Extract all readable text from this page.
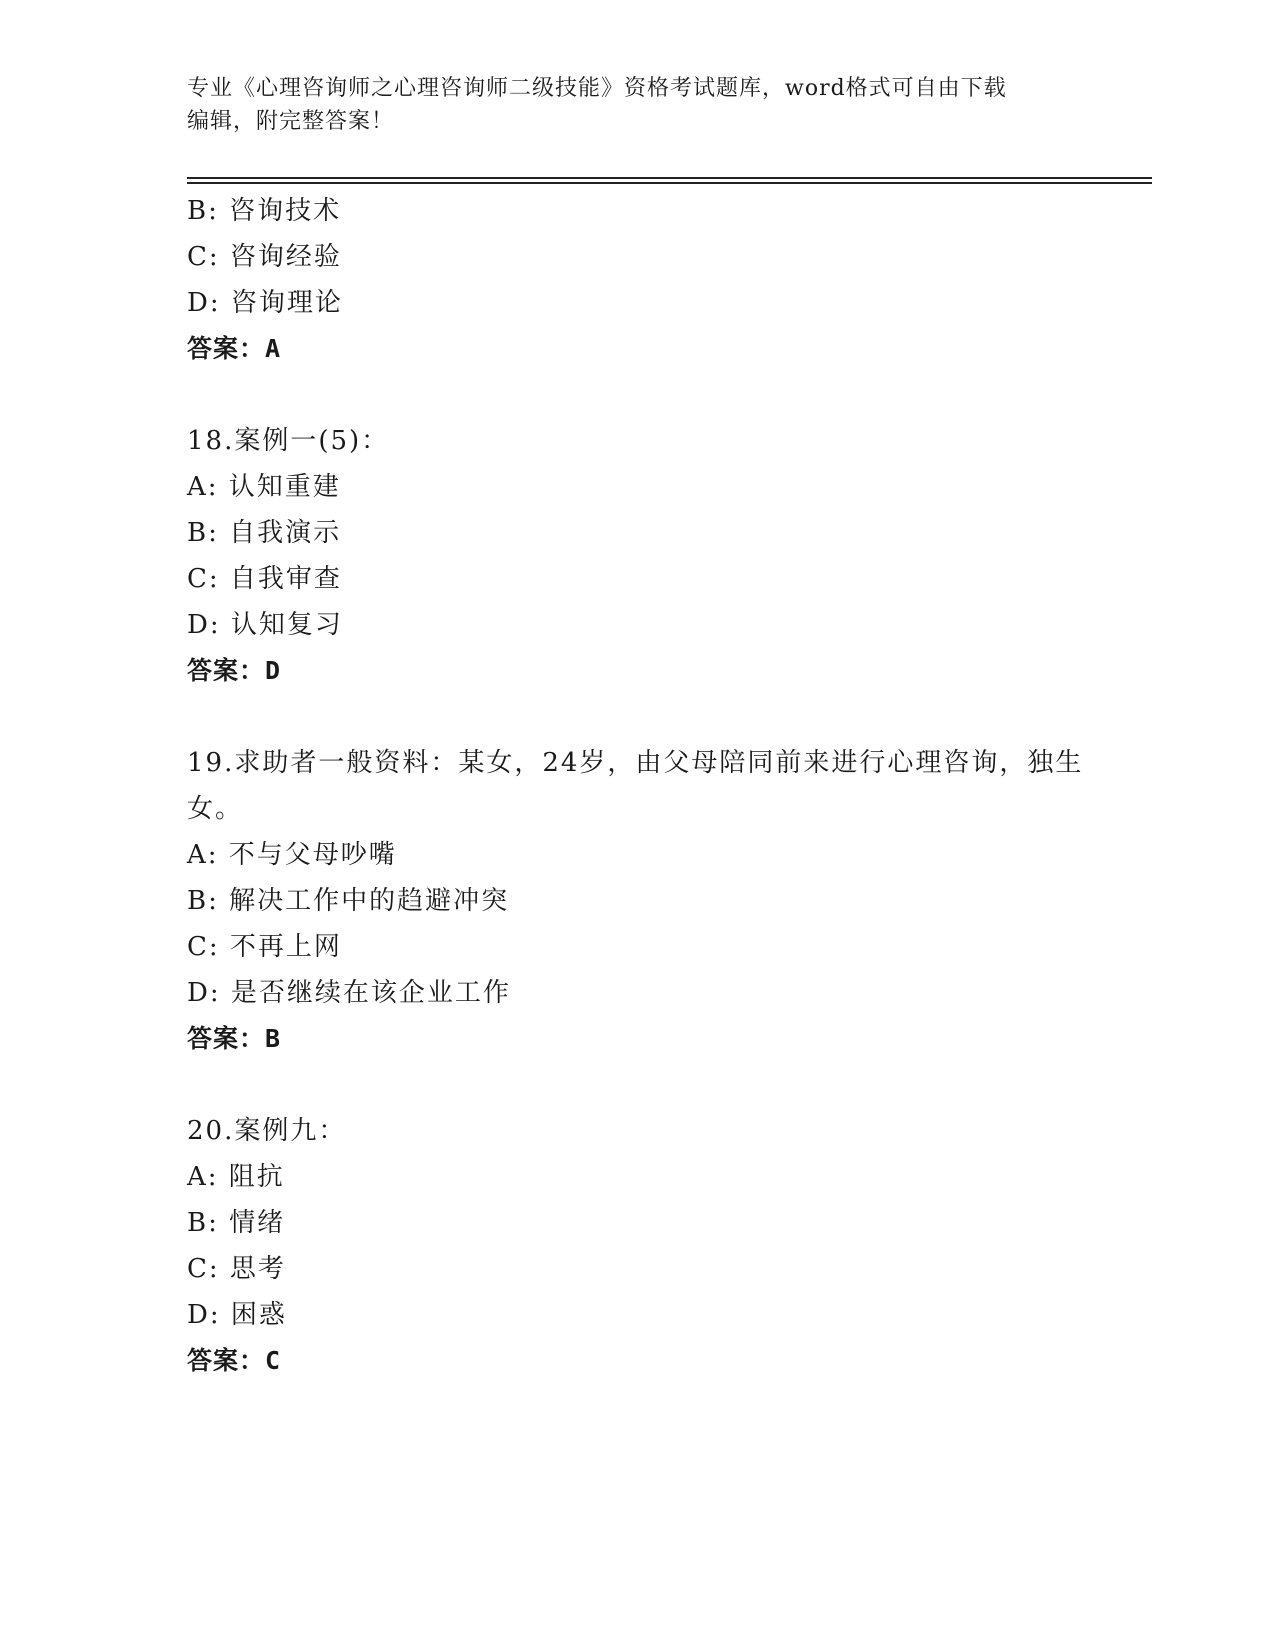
专业《心理咨询师之心理咨询师二级技能》资格考试题库，word格式可自由下载
编辑，附完整答案！
B: 咨询技术
C: 咨询经验
D: 咨询理论
答案：A
18.案例一(5)：
A: 认知重建
B: 自我演示
C: 自我审查
D: 认知复习
答案：D
19.求助者一般资料：某女，24岁，由父母陪同前来进行心理咨询，独生女。
A: 不与父母吵嘴
B: 解决工作中的趋避冲突
C: 不再上网
D: 是否继续在该企业工作
答案：B
20.案例九：
A: 阻抗
B: 情绪
C: 思考
D: 困惑
答案：C
